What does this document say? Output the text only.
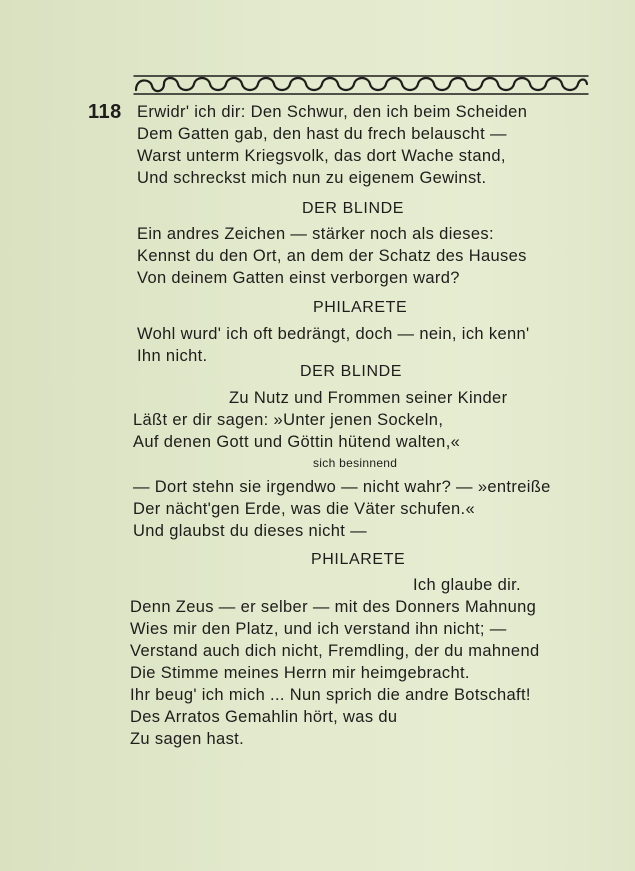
118 Erwidr' ich dir: Den Schwur, den ich beim Scheiden
Dem Gatten gab, den hast du frech belauscht —
Warst unterm Kriegsvolk, das dort Wache stand,
Und schreckst mich nun zu eigenem Gewinst.
DER BLINDE
Ein andres Zeichen — stärker noch als dieses:
Kennst du den Ort, an dem der Schatz des Hauses
Von deinem Gatten einst verborgen ward?
PHILARETE
Wohl wurd' ich oft bedrängt, doch — nein, ich kenn'
Ihn nicht.
DER BLINDE
Zu Nutz und Frommen seiner Kinder
Läßt er dir sagen: »Unter jenen Sockeln,
Auf denen Gott und Göttin hütend walten,«
sich besinnend
— Dort stehn sie irgendwo — nicht wahr? — »entreiße
Der nächt'gen Erde, was die Väter schufen.«
Und glaubst du dieses nicht —
PHILARETE
Ich glaube dir.
Denn Zeus — er selber — mit des Donners Mahnung
Wies mir den Platz, und ich verstand ihn nicht; —
Verstand auch dich nicht, Fremdling, der du mahnend
Die Stimme meines Herrn mir heimgebracht.
Ihr beug' ich mich ... Nun sprich die andre Botschaft!
Des Arratos Gemahlin hört, was du
Zu sagen hast.
